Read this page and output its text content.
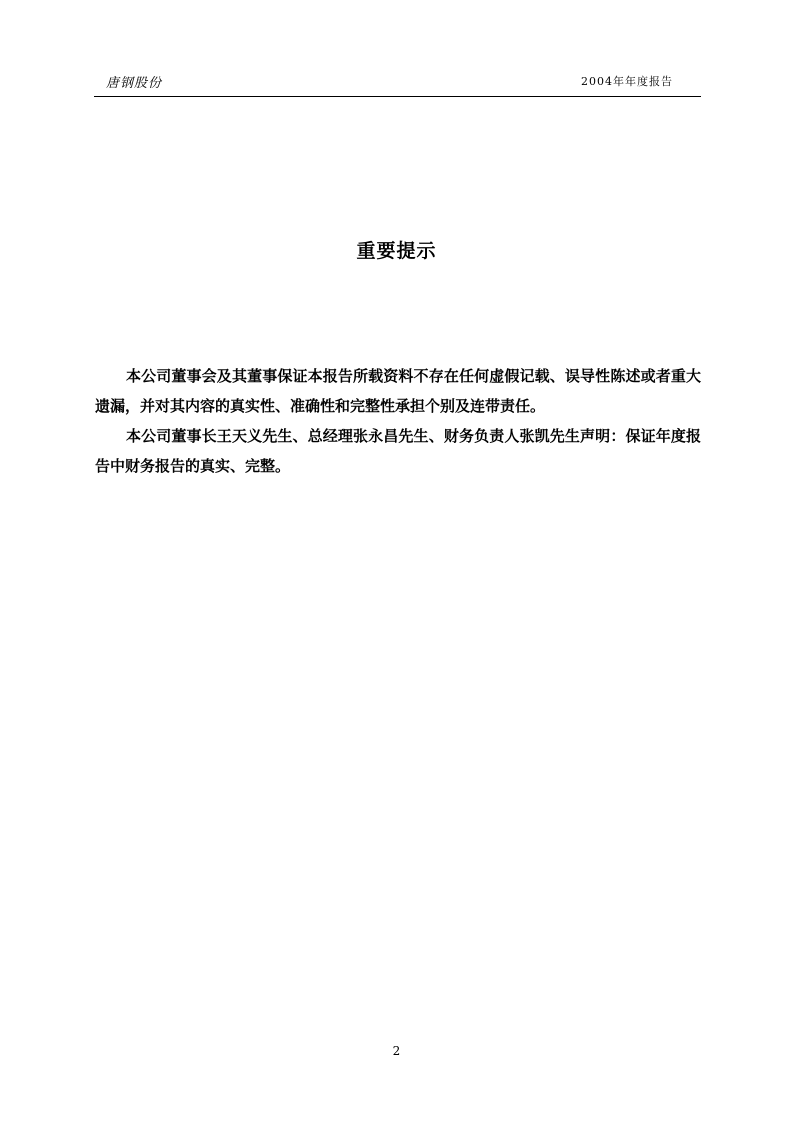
唐钢股份	2004年年度报告
重要提示

本公司董事会及其董事保证本报告所载资料不存在任何虚假记载、误导性陈述或者重大遗漏，并对其内容的真实性、准确性和完整性承担个别及连带责任。

本公司董事长王天义先生、总经理张永昌先生、财务负责人张凯先生声明：保证年度报告中财务报告的真实、完整。

2
